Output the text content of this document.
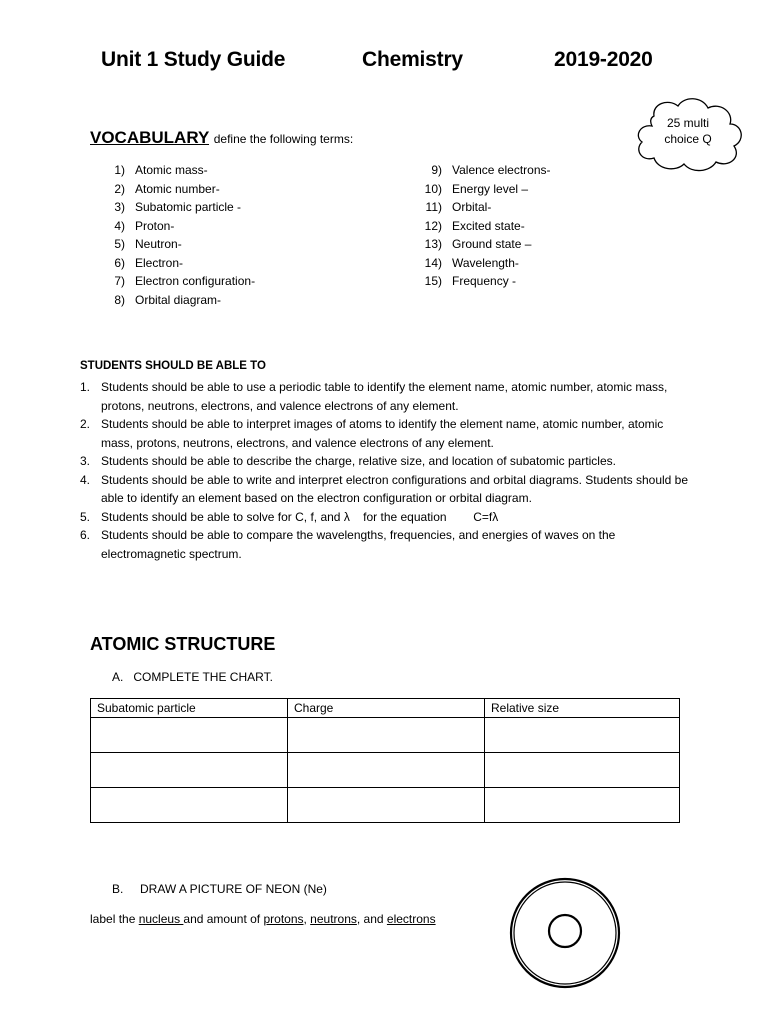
Unit 1 Study Guide	Chemistry	2019-2020
25 multi
choice Q
VOCABULARY define the following terms:
1) Atomic mass-
2) Atomic number-
3) Subatomic particle -
4) Proton-
5) Neutron-
6) Electron-
7) Electron configuration-
8) Orbital diagram-
9) Valence electrons-
10) Energy level –
11) Orbital-
12) Excited state-
13) Ground state –
14) Wavelength-
15) Frequency -
STUDENTS SHOULD BE ABLE TO
1. Students should be able to use a periodic table to identify the element name, atomic number, atomic mass, protons, neutrons, electrons, and valence electrons of any element.
2. Students should be able to interpret images of atoms to identify the element name, atomic number, atomic mass, protons, neutrons, electrons, and valence electrons of any element.
3. Students should be able to describe the charge, relative size, and location of subatomic particles.
4. Students should be able to write and interpret electron configurations and orbital diagrams. Students should be able to identify an element based on the electron configuration or orbital diagram.
5. Students should be able to solve for C, f, and λ    for the equation        C=fλ
6. Students should be able to compare the wavelengths, frequencies, and energies of waves on the electromagnetic spectrum.
ATOMIC STRUCTURE
A.   COMPLETE THE CHART.
Subatomic particle	Charge	Relative size

B.     DRAW A PICTURE OF NEON (Ne)
label the nucleus and amount of protons, neutrons, and electrons
